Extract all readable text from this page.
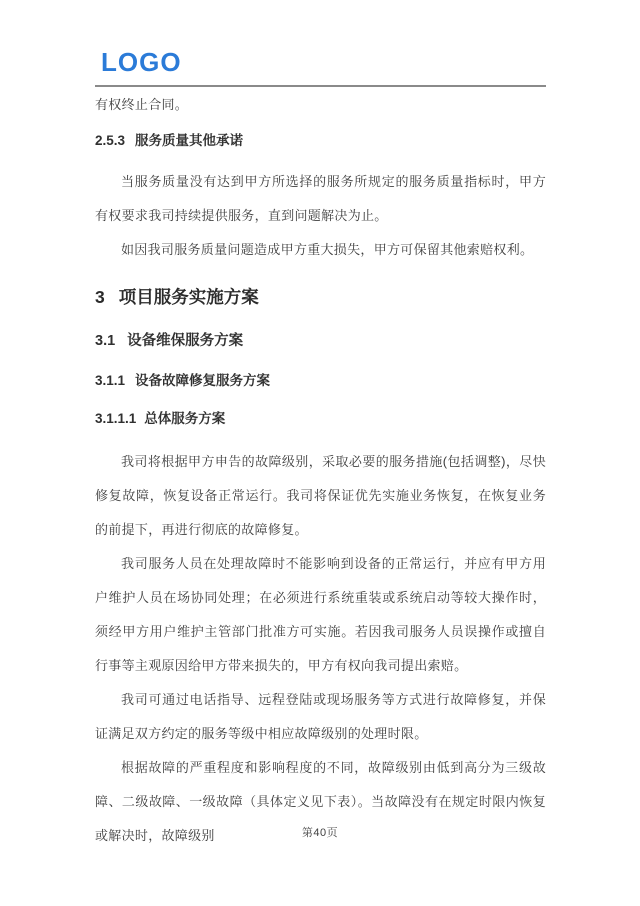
LOGO

有权终止合同。

2.5.3 服务质量其他承诺

当服务质量没有达到甲方所选择的服务所规定的服务质量指标时，甲方有权要求我司持续提供服务，直到问题解决为止。

如因我司服务质量问题造成甲方重大损失，甲方可保留其他索赔权利。

3 项目服务实施方案
3.1 设备维保服务方案
3.1.1 设备故障修复服务方案
3.1.1.1 总体服务方案

我司将根据甲方申告的故障级别，采取必要的服务措施(包括调整)，尽快修复故障，恢复设备正常运行。我司将保证优先实施业务恢复，在恢复业务的前提下，再进行彻底的故障修复。

我司服务人员在处理故障时不能影响到设备的正常运行，并应有甲方用户维护人员在场协同处理；在必须进行系统重装或系统启动等较大操作时，须经甲方用户维护主管部门批准方可实施。若因我司服务人员误操作或擅自行事等主观原因给甲方带来损失的，甲方有权向我司提出索赔。

我司可通过电话指导、远程登陆或现场服务等方式进行故障修复，并保证满足双方约定的服务等级中相应故障级别的处理时限。

根据故障的严重程度和影响程度的不同，故障级别由低到高分为三级故障、二级故障、一级故障（具体定义见下表）。当故障没有在规定时限内恢复或解决时，故障级别	第40页
